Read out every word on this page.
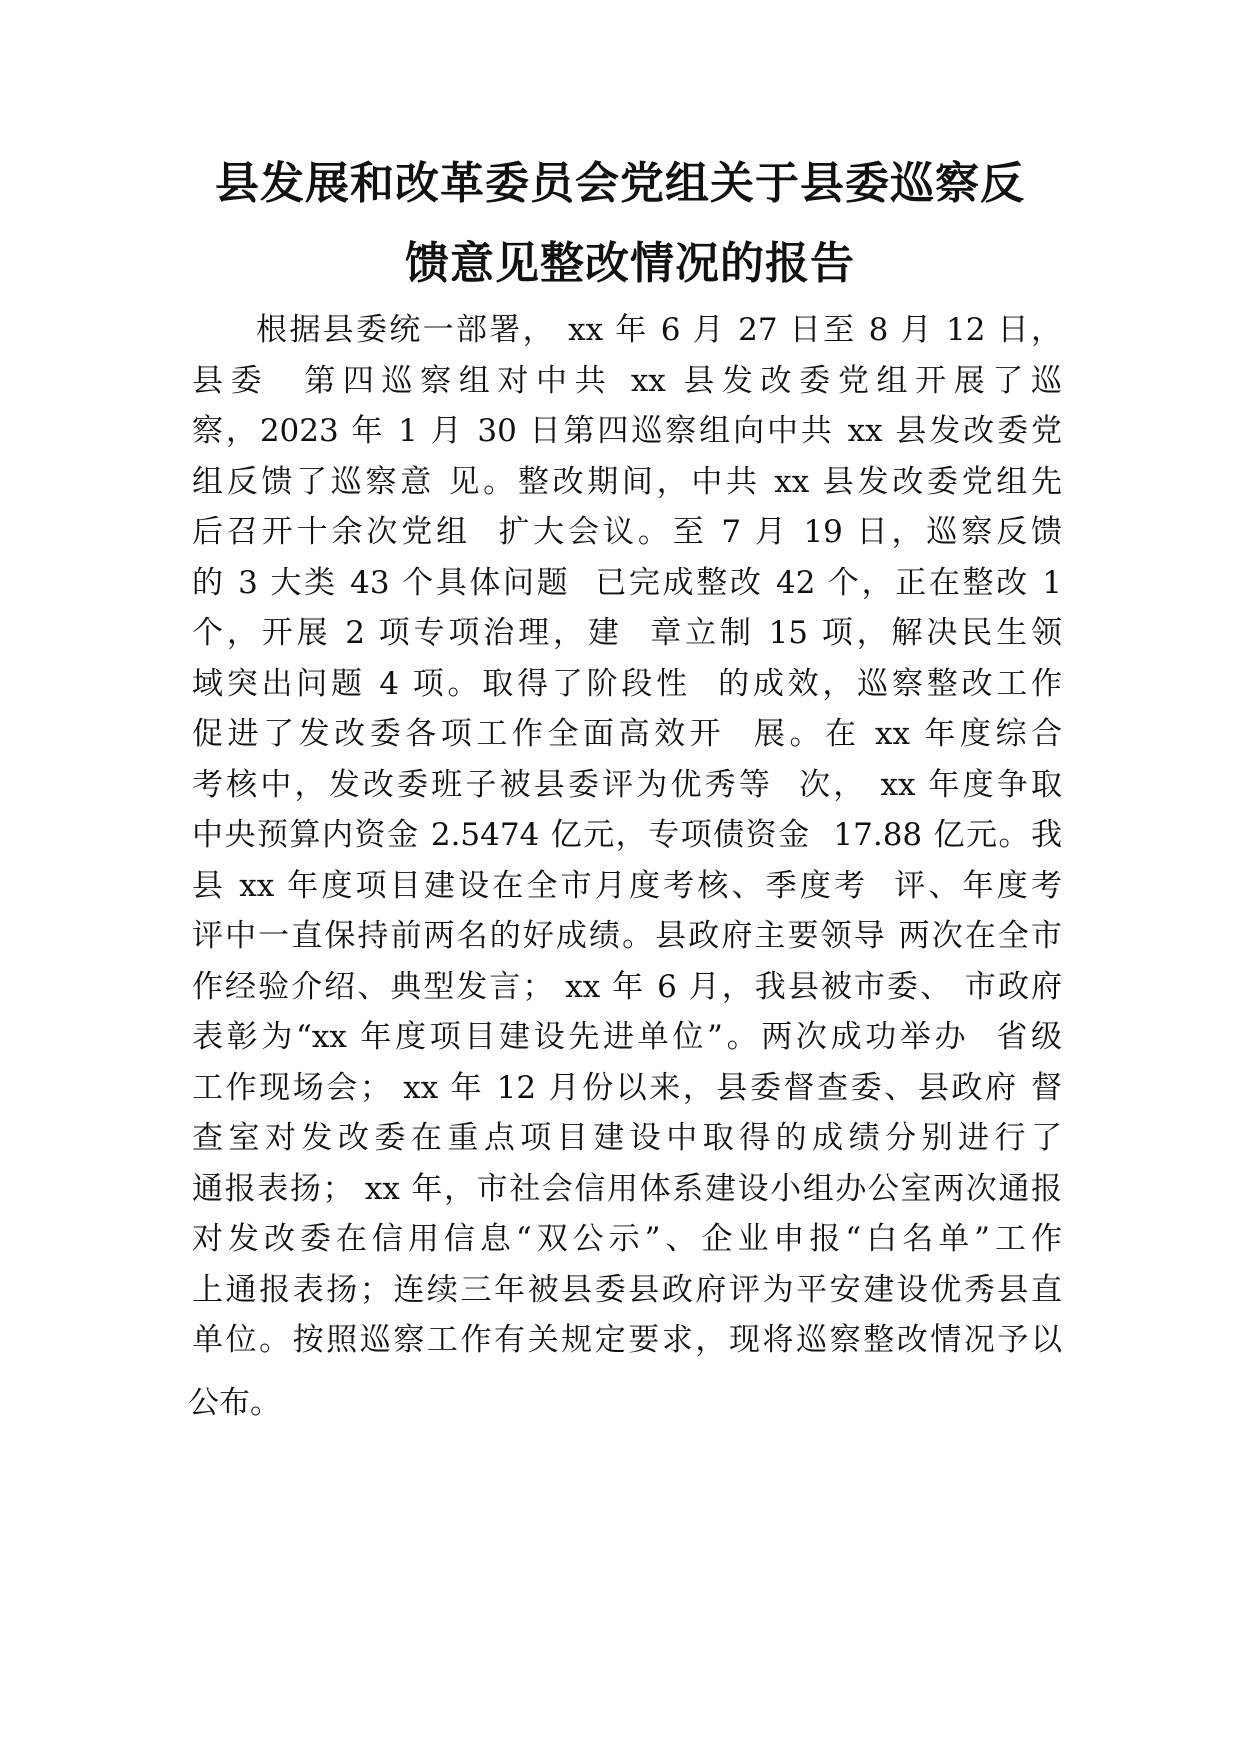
县发展和改革委员会党组关于县委巡察反
馈意见整改情况的报告
根据县委统一部署， xx 年 6 月 27 日至 8 月 12 日，
县委  第四巡察组对中共 xx 县发改委党组开展了巡
察，2023 年 1 月 30 日第四巡察组向中共 xx 县发改委党
组反馈了巡察意 见。整改期间，中共 xx 县发改委党组先
后召开十余次党组  扩大会议。至 7 月 19 日，巡察反馈
的 3 大类 43 个具体问题  已完成整改 42 个，正在整改 1
个，开展 2 项专项治理，建  章立制 15 项，解决民生领
域突出问题 4 项。取得了阶段性  的成效，巡察整改工作
促进了发改委各项工作全面高效开  展。在 xx 年度综合
考核中，发改委班子被县委评为优秀等  次， xx 年度争取
中央预算内资金 2.5474 亿元，专项债资金  17.88 亿元。我
县 xx 年度项目建设在全市月度考核、季度考  评、年度考
评中一直保持前两名的好成绩。县政府主要领导 两次在全市
作经验介绍、典型发言； xx 年 6 月，我县被市委、 市政府
表彰为“xx 年度项目建设先进单位”。两次成功举办  省级
工作现场会； xx 年 12 月份以来，县委督查委、县政府 督
查室对发改委在重点项目建设中取得的成绩分别进行了
通报表扬； xx 年，市社会信用体系建设小组办公室两次通报
对发改委在信用信息“双公示”、企业申报“白名单”工作
上通报表扬；连续三年被县委县政府评为平安建设优秀县直
单位。按照巡察工作有关规定要求，现将巡察整改情况予以
公布。
